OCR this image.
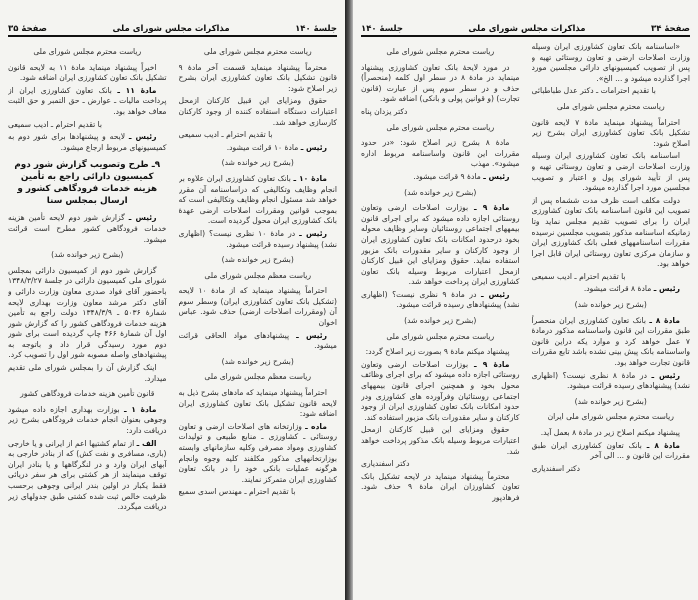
جلسهٔ ۱۴۰
مذاکرات مجلس شورای ملی
صفحهٔ ۳۵

ریاست محترم مجلس شورای ملی

محترماً پیشنهاد مینماید قسمت آخر مادهٔ ۹ قانون تشکیل بانک تعاون کشاورزی ایران بشرح زیر اصلاح شود:

حقوق ومزایای این قبیل کارکنان ازمحل اعتبارات دستگاه استفاده کننده از وجود کارکنان کارسازی خواهد شد.

با تقدیم احترام ـ ادیب سمیعی

رئیس ـ مادهٔ ۱۰ قرائت میشود.

(بشرح زیر خوانده شد)

مادهٔ ۱۰ ـ بانک تعاون کشاورزی ایران علاوه بر انجام وظایف وتکالیفی که دراساسنامه آن مقرر خواهد شد مسئول انجام وظایف وتکالیفی است که بموجب قوانین ومقررات اصلاحات ارضی عهدهٔ بانک کشاورزی ایران محول گردیده است.

رئیس ـ در مادهٔ ۱۰ نظری نیست؟ (اظهاری نشد) پیشنهاد رسیده قرائت میشود.

(بشرح زیر خوانده شد)

ریاست معظم مجلس شورای ملی

احتراماً پیشنهاد مینماید که از مادهٔ ۱۰ لایحه (تشکیل بانک تعاون کشاورزی ایران) وسطر سوم آن (ومقررات اصلاحات ارضی) حذف شود. عباس اخوان

رئیس ـ پیشنهادهای مواد الحاقی قرائت میشود.

(بشرح زیر خوانده شد)

ریاست معظم مجلس شورای ملی

احتراماً پیشنهاد مینماید که مادهای بشرح ذیل به لایحه قانون تشکیل بانک تعاون کشاورزی ایران اضافه شود:

ماده ـ وزارتخانه های اصلاحات ارضی و تعاون روستائی ـ کشاورزی ـ منابع طبیعی و تولیدات کشاورزی ومواد مصرفی وکلیه سازمانهای وابسته بوزارتخانههای مذکور مکلفند کلیه وجوه وانجام هرگونه عملیات بانکی خود را در بانک تعاون کشاورزی ایران متمرکز نمایند.

با تقدیم احترام ـ مهندس اسدی سمیع

ریاست محترم مجلس شورای ملی

اخیراً پیشنهاد مینماید مادهٔ ۱۱ به لایحه قانون تشکیل بانک تعاون کشاورزی ایران اضافه شود.

مادهٔ ۱۱ ـ بانک تعاون کشاورزی ایران از پرداخت مالیات ـ عوارض ـ حق التمبر و حق الثبت معاف خواهد بود.

با تقدیم احترام ـ ادیب سمیعی

رئیس ـ لایحه و پیشنهادها برای شور دوم به کمیسیونهای مربوط ارجاع میشود.

۹ـ طرح وتصویب گزارش شور دوم کمیسیون دارائی راجع به تأمین هزینه خدمات فرودگاهی کشور و ارسال بمجلس سنا

رئیس ـ گزارش شور دوم لایحه تأمین هزینه خدمات فرودگاهی کشور مطرح است قرائت میشود.

(بشرح زیر خوانده شد)

گزارش شور دوم از کمیسیون دارائی بمجلس شورای ملی کمیسیون دارائی در جلسهٔ ۱۳۴۸/۳/۲۷ باحضور آقای فواد صدری معاون وزارت دارائی و آقای دکتر مرشد معاون وزارت بهداری لایحه شمارهٔ ۵۰۳۶ ـ ۱۳۴۸/۳/۹ دولت راجع به تأمین هزینه خدمات فرودگاهی کشور را که گزارش شور اول آن شمارهٔ ۴۶۶ چاپ گردیده است برای شور دوم مورد رسیدگی قرار داد و باتوجه به پیشنهادهای واصله مصوبه شور اول را تصویب کرد.

اینک گزارش آن را بمجلس شورای ملی تقدیم میدارد.

قانون تأمین هزینه خدمات فرودگاهی کشور

مادهٔ ۱ ـ بوزارت بهداری اجازه داده میشود وجوهی بعنوان انجام خدمات فرودگاهی بشرح زیر دریافت دارد:

الف ـ از تمام کشتیها اعم از ایرانی و یا خارجی (باری، مسافری و نفت کش) که از بنادر خارجی به آبهای ایران وارد و در لنگرگاهها و یا بنادر ایران توقف مینمایند از هر کشتی برای هر سفر دریائی فقط یکبار در اولین بندر ایرانی وجوهی برحسب ظرفیت خالص ثبت شده کشتی طبق جدولهای زیر دریافت میگردد.

صفحهٔ ۳۴
مذاکرات مجلس شورای ملی
جلسهٔ ۱۴۰

«اساسنامه بانک تعاون کشاورزی ایران وسیله وزارت اصلاحات ارضی و تعاون روستائی تهیه و پس از تصویب کمیسیونهای دارائی مجلسین مورد اجرا گذارده میشود و ... الخ».

با تقدیم احترامات ـ دکتر عدل طباطبائی

ریاست محترم مجلس شورای ملی

احتراماً پیشنهاد مینماید مادهٔ ۷ لایحه قانون تشکیل بانک تعاون کشاورزی ایران بشرح زیر اصلاح شود:

اساسنامه بانک تعاون کشاورزی ایران وسیله وزارت اصلاحات ارضی و تعاون روستائی تهیه و پس از تأیید شورای پول و اعتبار و تصویب مجلسین مورد اجرا گذارده میشود.

دولت مکلف است ظرف مدت ششماه پس از تصویب این قانون اساسنامه بانک تعاون کشاورزی ایران را برای تصویب تقدیم مجلس نماید وتا زمانیکه اساسنامه مذکور بتصویب مجلسین نرسیده مقررات اساسنامههای فعلی بانک کشاورزی ایران و سازمان مرکزی تعاون روستائی ایران قابل اجرا خواهد بود.

با تقدیم احترام ـ ادیب سمیعی

رئیس ـ مادهٔ ۸ قرائت میشود.

(بشرح زیر خوانده شد)

مادهٔ ۸ ـ بانک تعاون کشاورزی ایران منحصراً طبق مقررات این قانون واساسنامه مذکور درمادهٔ ۷ عمل خواهد کرد و موارد یکه دراین قانون واساسنامه بانک پیش بینی نشده باشد تابع مقررات قانون تجارت خواهد بود.

رئیس ـ در مادهٔ ۸ نظری نیست؟ (اظهاری نشد) پیشنهادهای رسیده قرائت میشود.

(بشرح زیر خوانده شد)

ریاست محترم مجلس شورای ملی ایران

پیشنهاد میکنم اصلاح زیر در مادهٔ ۸ بعمل آید.

مادهٔ ۸ ـ بانک تعاون کشاورزی ایران طبق مقررات این قانون و ... الی آخر

دکتر اسفندیاری

ریاست محترم مجلس شورای ملی

در مورد لایحهٔ بانک تعاون کشاورزی پیشنهاد مینماید در مادهٔ ۸ در سطر اول کلمه (منحصراً) حذف و در سطر سوم پس از عبارت (قانون تجارت) (و قوانین پولی و بانکی) اضافه شود.

دکتر یزدان پناه

ریاست محترم مجلس شورای ملی

مادهٔ ۸ بشرح زیر اصلاح شود: «در حدود مقررات این قانون واساسنامه مربوط اداره میشود». مهذب

رئیس ـ مادهٔ ۹ قرائت میشود.

(بشرح زیر خوانده شد)

مادهٔ ۹ ـ بوزارت اصلاحات ارضی وتعاون روستائی اجازه داده میشود که برای اجرای قانون بیمههای اجتماعی روستائیان وسایر وظایف محوله بخود درحدود امکانات بانک تعاون کشاورزی ایران از وجود کارکنان و سایر مقدورات بانک مزبور استفاده نماید. حقوق ومزایای این قبیل کارکنان ازمحل اعتبارات مربوط وسیله بانک تعاون کشاورزی ایران پرداخت خواهد شد.

رئیس ـ در مادهٔ ۹ نظری نیست؟ (اظهاری نشد) پیشنهادهای رسیده قرائت میشود.

(بشرح زیر خوانده شد)

ریاست محترم مجلس شورای ملی

پیشنهاد میکنم مادهٔ ۹ بصورت زیر اصلاح گردد:

مادهٔ ۹ ـ بوزارت اصلاحات ارضی وتعاون روستائی اجازه داده میشود که برای اجرای وظائف محول بخود و همچنین اجرای قانون بیمههای اجتماعی روستائیان وفرآورده های کشاورزی ودر حدود امکانات بانک تعاون کشاورزی ایران از وجود کارکنان و سایر مقدورات بانک مزبور استفاده کند.

حقوق ومزایای این قبیل کارکنان ازمحل اعتبارات مربوط وسیله بانک مذکور پرداخت خواهد شد.

دکتر اسفندیاری

محترماً پیشنهاد مینماید در لایحه تشکیل بانک تعاون کشاورزان ایران مادهٔ ۹ حذف شود. فرهادپور
